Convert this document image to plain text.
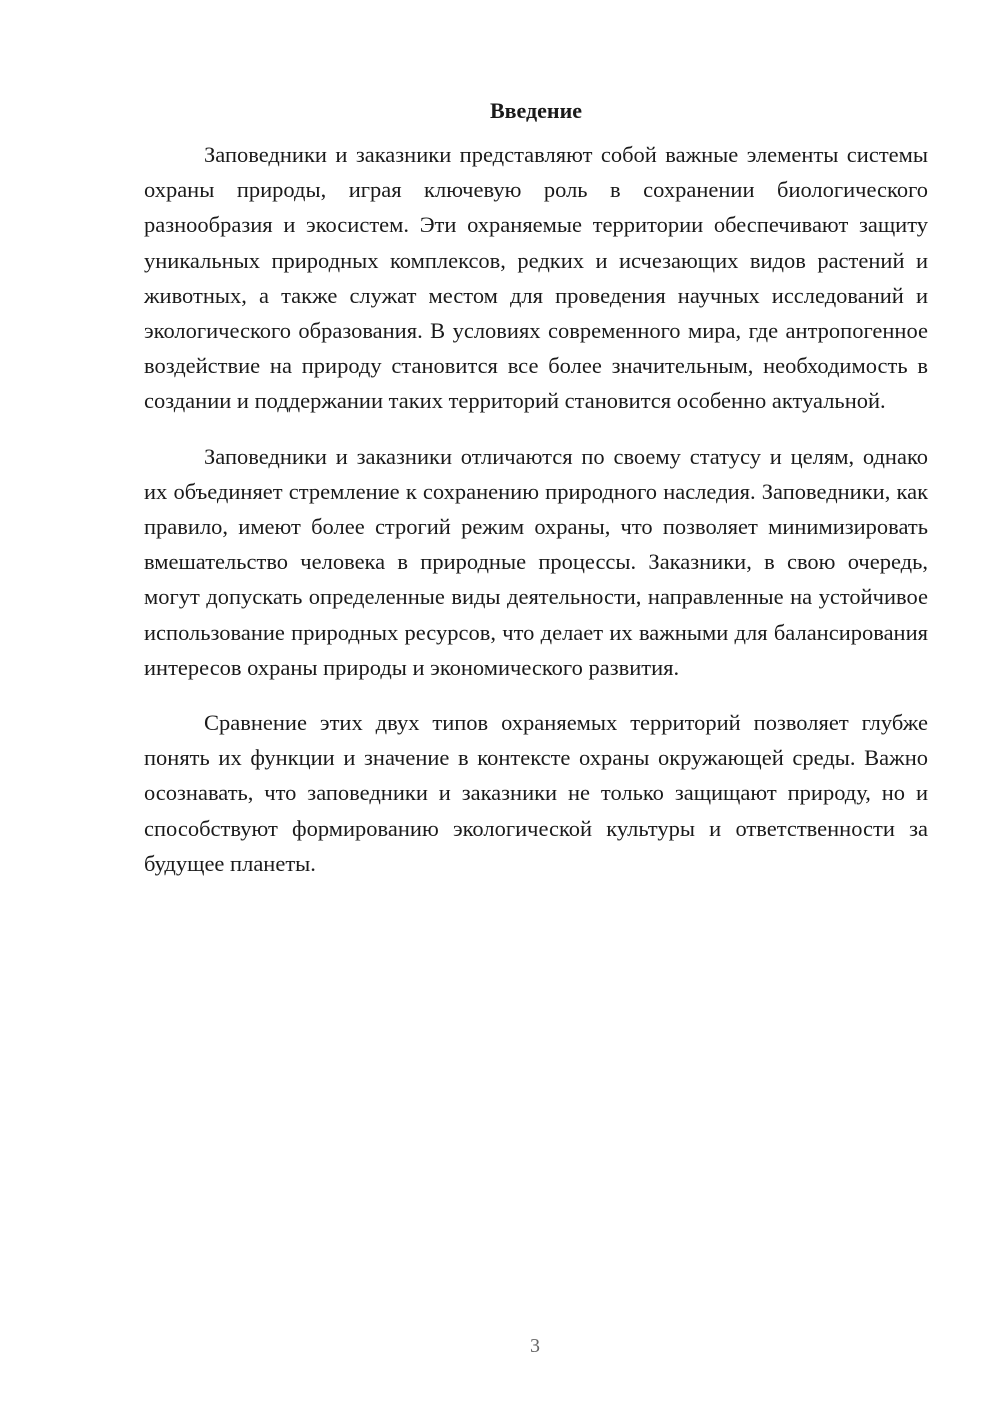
Введение

Заповедники и заказники представляют собой важные элементы системы охраны природы, играя ключевую роль в сохранении биологического разнообразия и экосистем. Эти охраняемые территории обеспечивают защиту уникальных природных комплексов, редких и исчезающих видов растений и животных, а также служат местом для проведения научных исследований и экологического образования. В условиях современного мира, где антропогенное воздействие на природу становится все более значительным, необходимость в создании и поддержании таких территорий становится особенно актуальной.

Заповедники и заказники отличаются по своему статусу и целям, однако их объединяет стремление к сохранению природного наследия. Заповедники, как правило, имеют более строгий режим охраны, что позволяет минимизировать вмешательство человека в природные процессы. Заказники, в свою очередь, могут допускать определенные виды деятельности, направленные на устойчивое использование природных ресурсов, что делает их важными для балансирования интересов охраны природы и экономического развития.

Сравнение этих двух типов охраняемых территорий позволяет глубже понять их функции и значение в контексте охраны окружающей среды. Важно осознавать, что заповедники и заказники не только защищают природу, но и способствуют формированию экологической культуры и ответственности за будущее планеты.

3
